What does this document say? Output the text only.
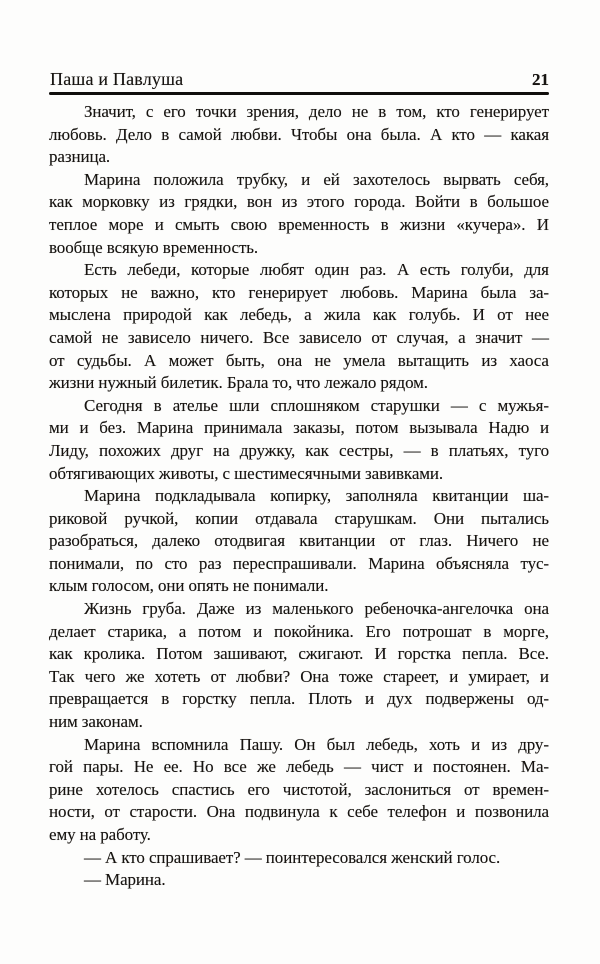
Паша и Павлуша	21
Значит, с его точки зрения, дело не в том, кто генерирует
любовь. Дело в самой любви. Чтобы она была. А кто — какая
разница.
Марина положила трубку, и ей захотелось вырвать себя,
как морковку из грядки, вон из этого города. Войти в большое
теплое море и смыть свою временность в жизни «кучера». И
вообще всякую временность.
Есть лебеди, которые любят один раз. А есть голуби, для
которых не важно, кто генерирует любовь. Марина была за-
мыслена природой как лебедь, а жила как голубь. И от нее
самой не зависело ничего. Все зависело от случая, а значит —
от судьбы. А может быть, она не умела вытащить из хаоса
жизни нужный билетик. Брала то, что лежало рядом.
Сегодня в ателье шли сплошняком старушки — с мужья-
ми и без. Марина принимала заказы, потом вызывала Надю и
Лиду, похожих друг на дружку, как сестры, — в платьях, туго
обтягивающих животы, с шестимесячными завивками.
Марина подкладывала копирку, заполняла квитанции ша-
риковой ручкой, копии отдавала старушкам. Они пытались
разобраться, далеко отодвигая квитанции от глаз. Ничего не
понимали, по сто раз переспрашивали. Марина объясняла тус-
клым голосом, они опять не понимали.
Жизнь груба. Даже из маленького ребеночка-ангелочка она
делает старика, а потом и покойника. Его потрошат в морге,
как кролика. Потом зашивают, сжигают. И горстка пепла. Все.
Так чего же хотеть от любви? Она тоже стареет, и умирает, и
превращается в горстку пепла. Плоть и дух подвержены од-
ним законам.
Марина вспомнила Пашу. Он был лебедь, хоть и из дру-
гой пары. Не ее. Но все же лебедь — чист и постоянен. Ма-
рине хотелось спастись его чистотой, заслониться от времен-
ности, от старости. Она подвинула к себе телефон и позвонила
ему на работу.
— А кто спрашивает? — поинтересовался женский голос.
— Марина.
